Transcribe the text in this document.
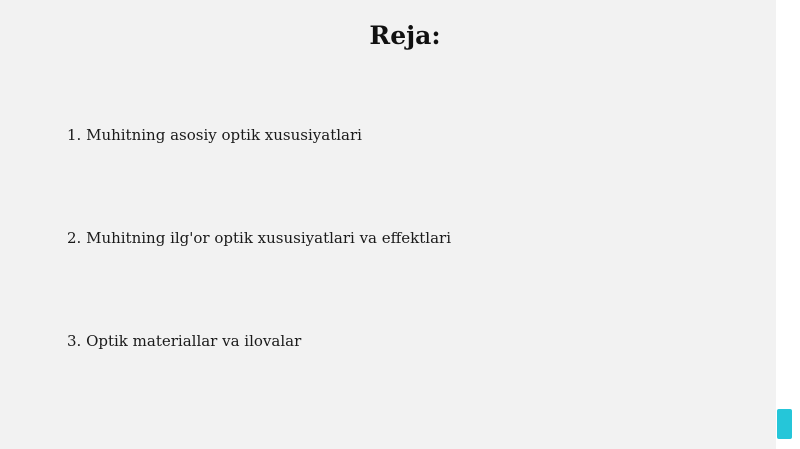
Reja:
1. Muhitning asosiy optik xususiyatlari
2. Muhitning ilg'or optik xususiyatlari va effektlari
3. Optik materiallar va ilovalar
